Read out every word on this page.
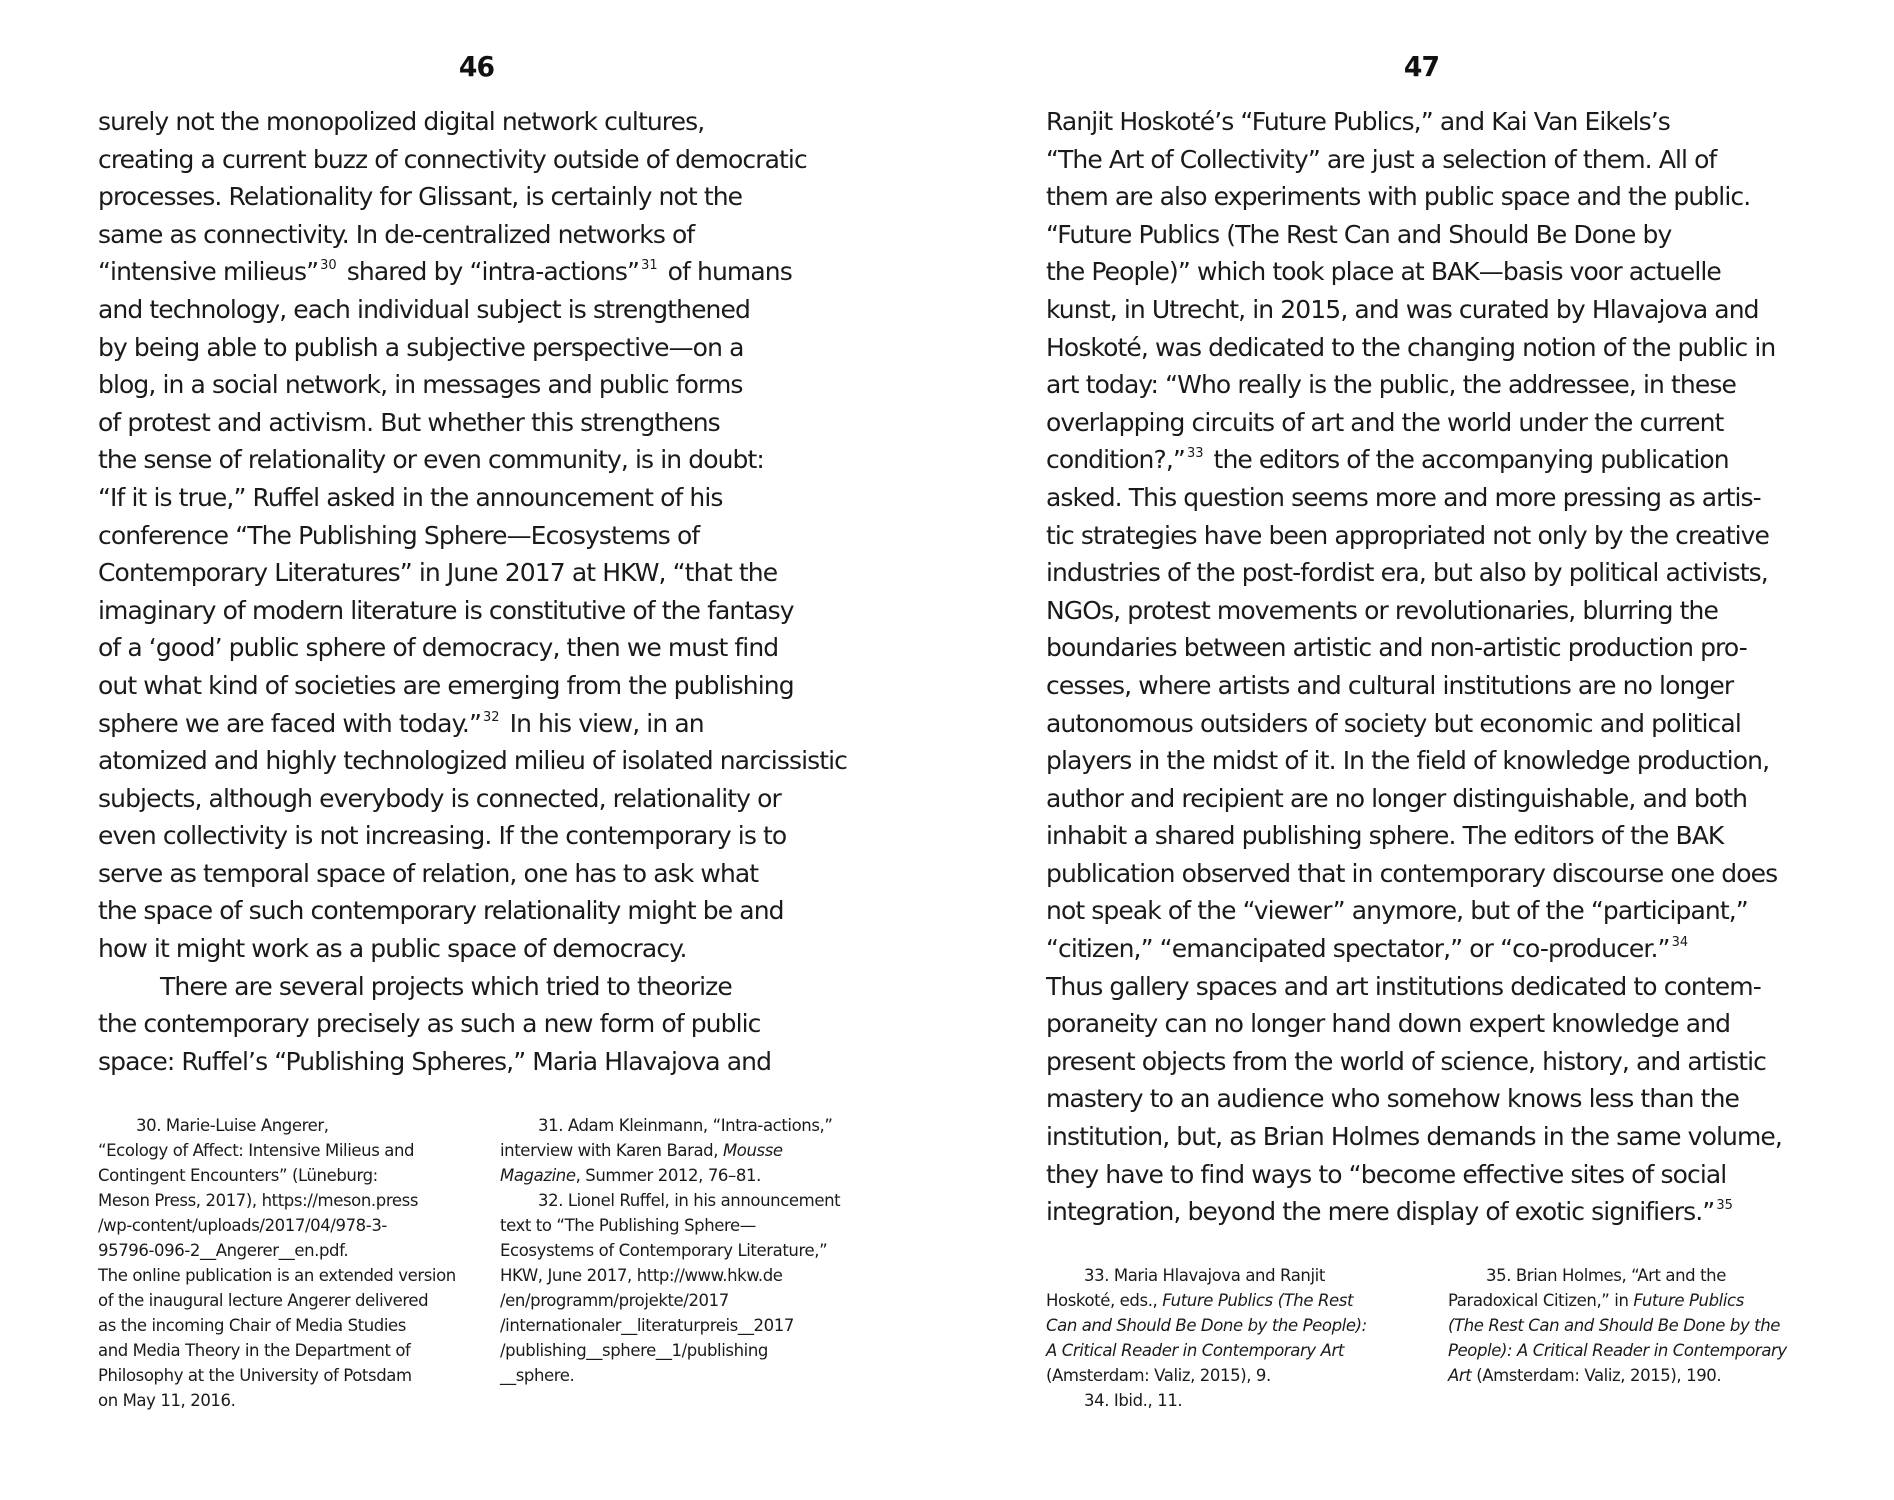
46
surely not the monopolized digital network cultures,
creating a current buzz of connectivity outside of democratic
processes. Relationality for Glissant, is certainly not the
same as connectivity. In de-centralized networks of
“intensive milieus” $^{30}$ shared by “intra-actions” $^{31}$ of humans
and technology, each individual subject is strengthened
by being able to publish a subjective perspective—on a
blog, in a social network, in messages and public forms
of protest and activism. But whether this strengthens
the sense of relationality or even community, is in doubt:
“If it is true,” Ruffel asked in the announcement of his
conference “The Publishing Sphere—Ecosystems of
Contemporary Literatures” in June 2017 at HKW, “that the
imaginary of modern literature is constitutive of the fantasy
of a ‘good’ public sphere of democracy, then we must find
out what kind of societies are emerging from the publishing
sphere we are faced with today.” $^{32}$ In his view, in an
atomized and highly technologized milieu of isolated narcissistic
subjects, although everybody is connected, relationality or
even collectivity is not increasing. If the contemporary is to
serve as temporal space of relation, one has to ask what
the space of such contemporary relationality might be and
how it might work as a public space of democracy.
There are several projects which tried to theorize
the contemporary precisely as such a new form of public
space: Ruffel’s “Publishing Spheres,” Maria Hlavajova and
30. Marie-Luise Angerer,
“Ecology of Affect: Intensive Milieus and
Contingent Encounters” (Lüneburg:
Meson Press, 2017), https://meson.press
/wp-content/uploads/2017/04/978-3-
95796-096-2__Angerer__en.pdf.
The online publication is an extended version
of the inaugural lecture Angerer delivered
as the incoming Chair of Media Studies
and Media Theory in the Department of
Philosophy at the University of Potsdam
on May 11, 2016.
31. Adam Kleinmann, “Intra-actions,”
interview with Karen Barad, Mousse
Magazine, Summer 2012, 76–81.
32. Lionel Ruffel, in his announcement
text to “The Publishing Sphere—
Ecosystems of Contemporary Literature,”
HKW, June 2017, http://www.hkw.de
/en/programm/projekte/2017
/internationaler__literaturpreis__2017
/publishing__sphere__1/publishing
__sphere.
47
Ranjit Hoskoté’s “Future Publics,” and Kai Van Eikels’s
“The Art of Collectivity” are just a selection of them. All of
them are also experiments with public space and the public.
“Future Publics (The Rest Can and Should Be Done by
the People)” which took place at BAK—basis voor actuelle
kunst, in Utrecht, in 2015, and was curated by Hlavajova and
Hoskoté, was dedicated to the changing notion of the public in
art today: “Who really is the public, the addressee, in these
overlapping circuits of art and the world under the current
condition?,” $^{33}$ the editors of the accompanying publication
asked. This question seems more and more pressing as artis-
tic strategies have been appropriated not only by the creative
industries of the post-fordist era, but also by political activists,
NGOs, protest movements or revolutionaries, blurring the
boundaries between artistic and non-artistic production pro-
cesses, where artists and cultural institutions are no longer
autonomous outsiders of society but economic and political
players in the midst of it. In the field of knowledge production,
author and recipient are no longer distinguishable, and both
inhabit a shared publishing sphere. The editors of the BAK
publication observed that in contemporary discourse one does
not speak of the “viewer” anymore, but of the “participant,”
“citizen,” “emancipated spectator,” or “co-producer.” $^{34}$
Thus gallery spaces and art institutions dedicated to contem-
poraneity can no longer hand down expert knowledge and
present objects from the world of science, history, and artistic
mastery to an audience who somehow knows less than the
institution, but, as Brian Holmes demands in the same volume,
they have to find ways to “become effective sites of social
integration, beyond the mere display of exotic signifiers.” $^{35}$
33. Maria Hlavajova and Ranjit
Hoskoté, eds., Future Publics (The Rest
Can and Should Be Done by the People):
A Critical Reader in Contemporary Art
(Amsterdam: Valiz, 2015), 9.
34. Ibid., 11.
35. Brian Holmes, “Art and the
Paradoxical Citizen,” in Future Publics
(The Rest Can and Should Be Done by the
People): A Critical Reader in Contemporary
Art (Amsterdam: Valiz, 2015), 190.
